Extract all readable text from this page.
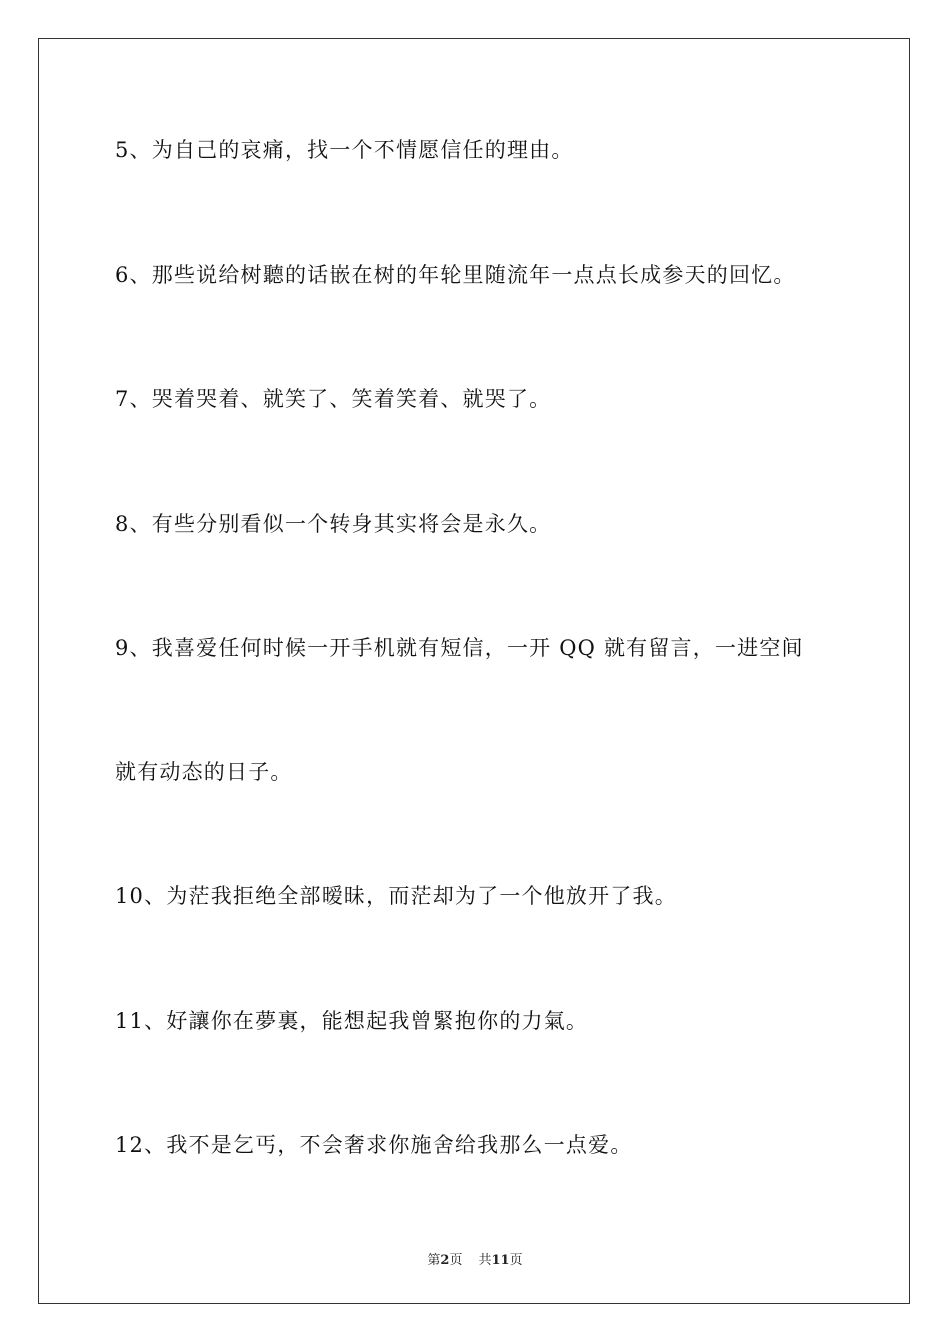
5、为自己的哀痛，找一个不情愿信任的理由。
6、那些说给树聽的话嵌在树的年轮里随流年一点点长成参天的回忆。
7、哭着哭着、就笑了、笑着笑着、就哭了。
8、有些分别看似一个转身其实将会是永久。
9、我喜爱任何时候一开手机就有短信，一开 QQ 就有留言，一进空间
就有动态的日子。
10、为茫我拒绝全部暧昧，而茫却为了一个他放开了我。
11、好讓你在夢裏，能想起我曾緊抱你的力氣。
12、我不是乞丐，不会奢求你施舍给我那么一点爱。
第2页 共11页
